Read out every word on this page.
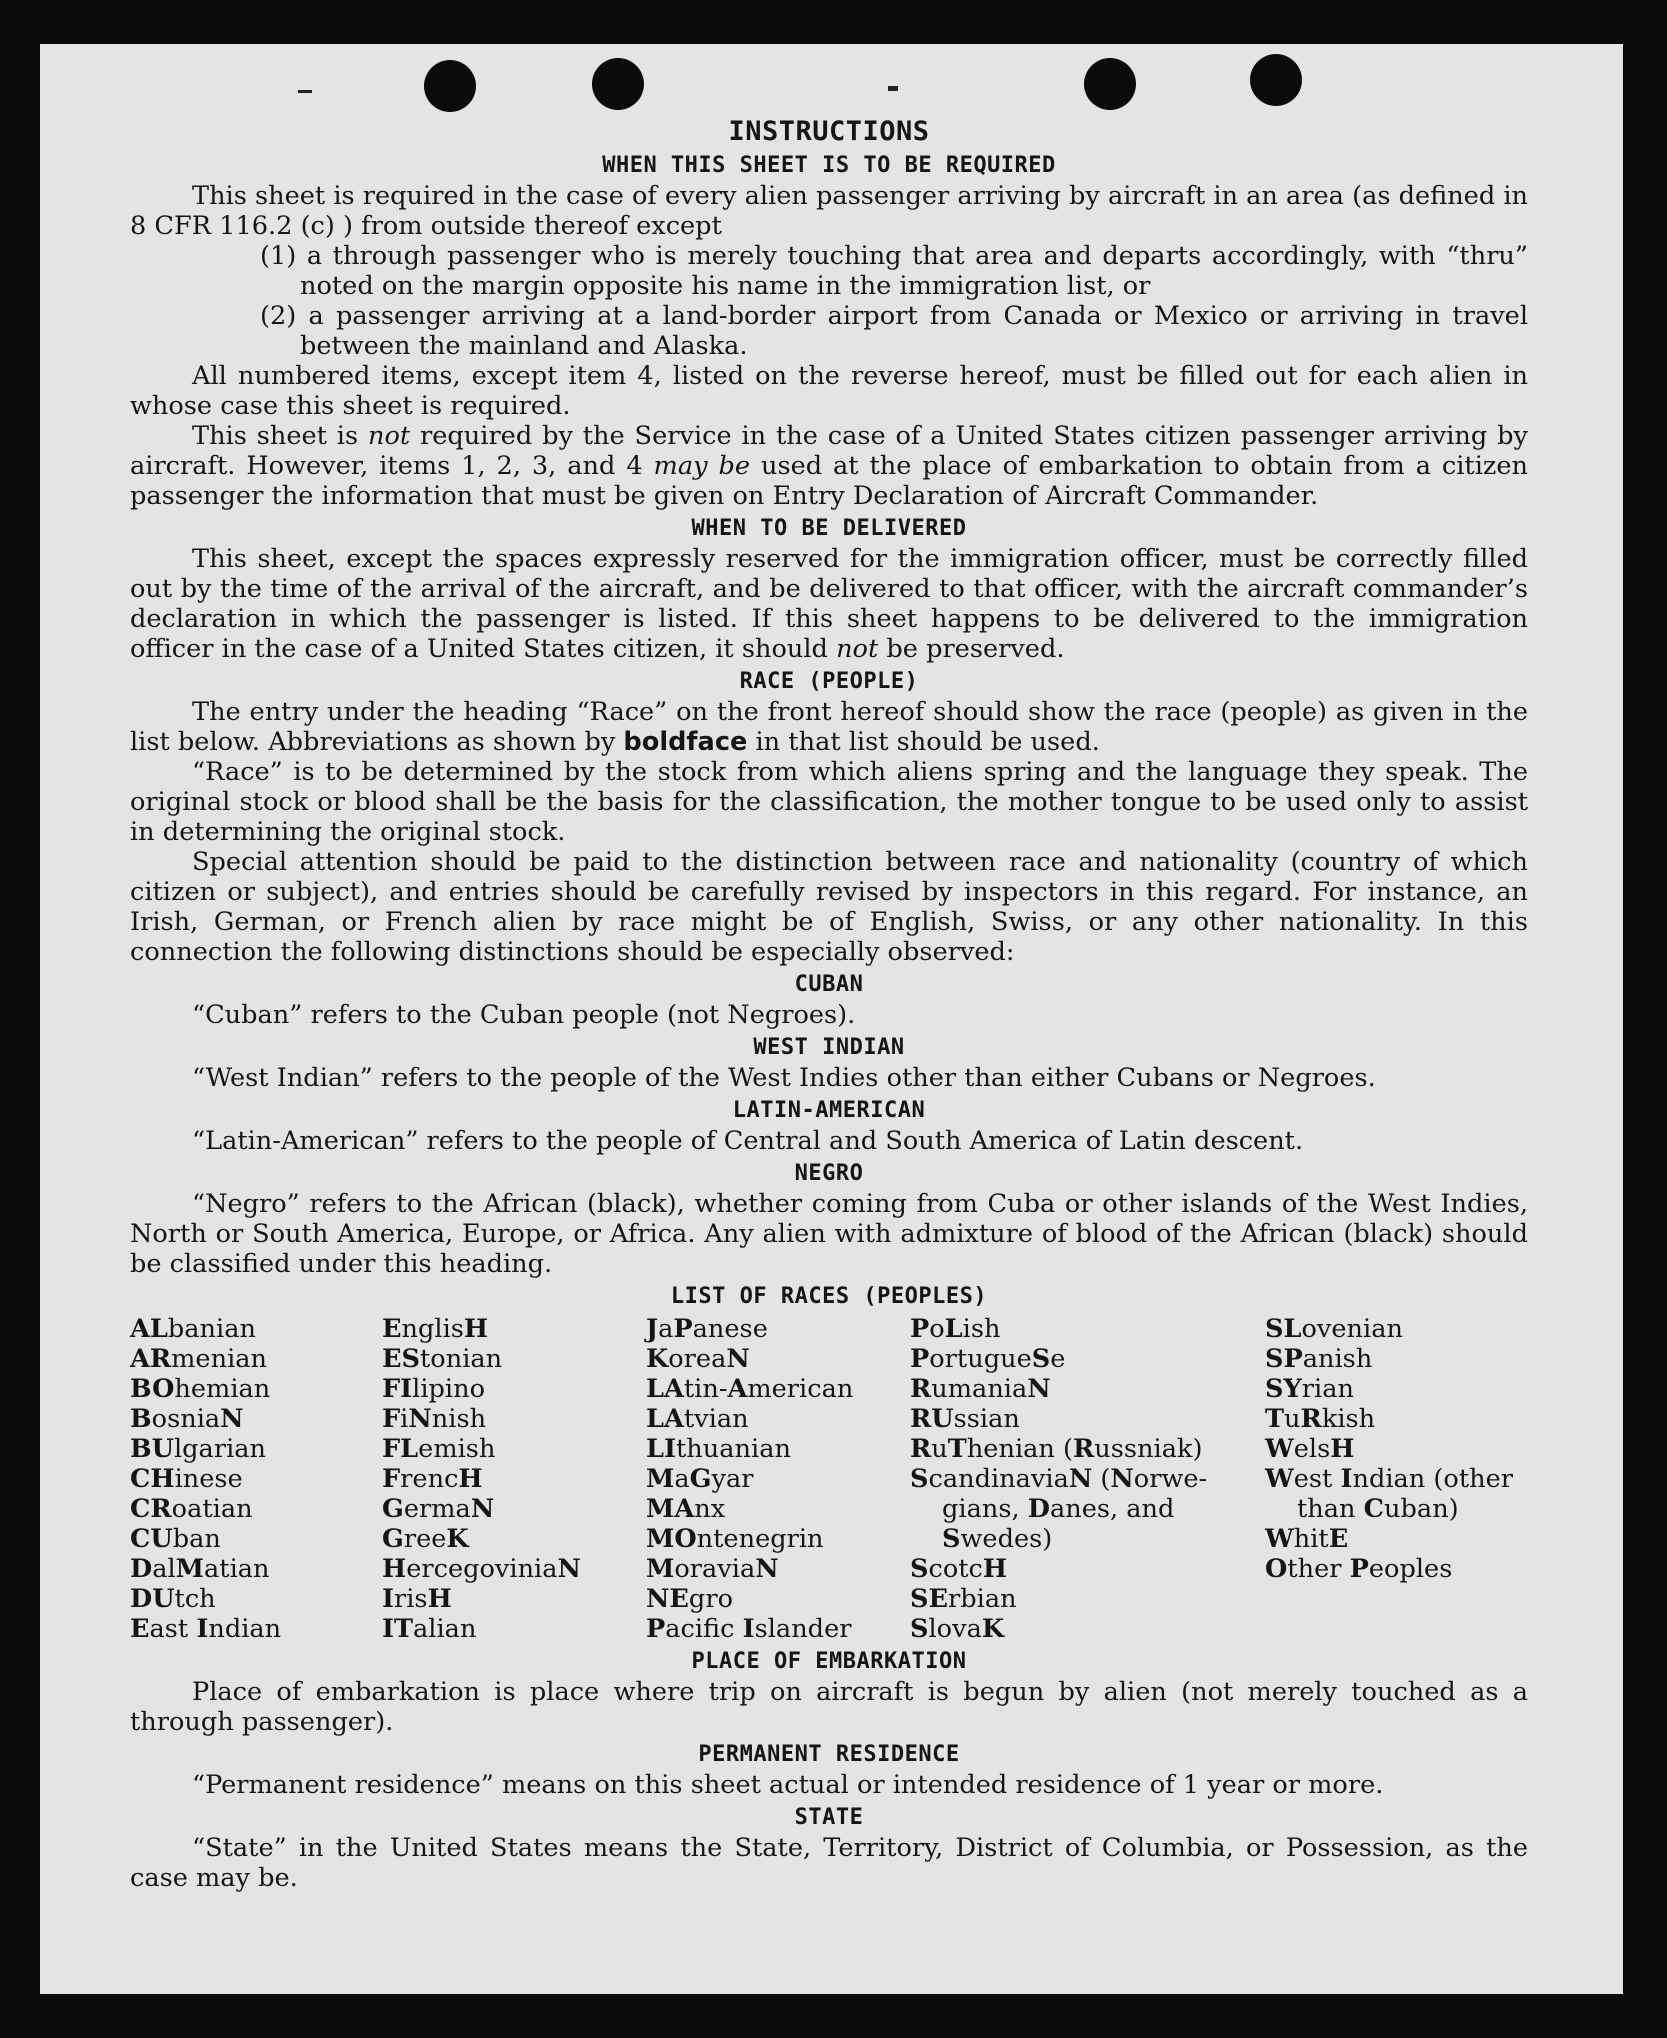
INSTRUCTIONS

WHEN THIS SHEET IS TO BE REQUIRED

This sheet is required in the case of every alien passenger arriving by aircraft in an area (as defined in 8 CFR 116.2 (c) ) from outside thereof except

(1) a through passenger who is merely touching that area and departs accordingly, with “thru” noted on the margin opposite his name in the immigration list, or

(2) a passenger arriving at a land-border airport from Canada or Mexico or arriving in travel between the mainland and Alaska.

All numbered items, except item 4, listed on the reverse hereof, must be filled out for each alien in whose case this sheet is required.

This sheet is not required by the Service in the case of a United States citizen passenger arriving by aircraft. However, items 1, 2, 3, and 4 may be used at the place of embarkation to obtain from a citizen passenger the information that must be given on Entry Declaration of Aircraft Commander.

WHEN TO BE DELIVERED

This sheet, except the spaces expressly reserved for the immigration officer, must be correctly filled out by the time of the arrival of the aircraft, and be delivered to that officer, with the aircraft commander’s declaration in which the passenger is listed. If this sheet happens to be delivered to the immigration officer in the case of a United States citizen, it should not be preserved.

RACE (PEOPLE)

The entry under the heading “Race” on the front hereof should show the race (people) as given in the list below. Abbreviations as shown by boldface in that list should be used.

“Race” is to be determined by the stock from which aliens spring and the language they speak. The original stock or blood shall be the basis for the classification, the mother tongue to be used only to assist in determining the original stock.

Special attention should be paid to the distinction between race and nationality (country of which citizen or subject), and entries should be carefully revised by inspectors in this regard. For instance, an Irish, German, or French alien by race might be of English, Swiss, or any other nationality. In this connection the following distinctions should be especially observed:

CUBAN

“Cuban” refers to the Cuban people (not Negroes).

WEST INDIAN

“West Indian” refers to the people of the West Indies other than either Cubans or Negroes.

LATIN-AMERICAN

“Latin-American” refers to the people of Central and South America of Latin descent.

NEGRO

“Negro” refers to the African (black), whether coming from Cuba or other islands of the West Indies, North or South America, Europe, or Africa. Any alien with admixture of blood of the African (black) should be classified under this heading.

LIST OF RACES (PEOPLES)

ALbanian
ARmenian
BOhemian
BosniaN
BUlgarian
CHinese
CRoatian
CUban
DalMatian
DUtch
East Indian
EnglisH
EStonian
FIlipino
FiNnish
FLemish
FrencH
GermaN
GreeK
HercegoviniaN
IrisH
ITalian
JaPanese
KoreaN
LAtin-American
LAtvian
LIthuanian
MaGyar
MAnx
MOntenegrin
MoraviaN
NEgro
Pacifc Islander
PoLish
PortugueSe
RumaniaN
RUssian
RuThenian (Russniak)
ScandinaviaN (Norwe-
gians, Danes, and
Swedes)
ScotcH
SErbian
SlovaK
SLovenian
SPanish
SYrian
TuRkish
WelsH
West Indian (other
than Cuban)
WhitE
Other Peoples

PLACE OF EMBARKATION

Place of embarkation is place where trip on aircraft is begun by alien (not merely touched as a through passenger).

PERMANENT RESIDENCE

“Permanent residence” means on this sheet actual or intended residence of 1 year or more.

STATE

“State” in the United States means the State, Territory, District of Columbia, or Possession, as the case may be.
